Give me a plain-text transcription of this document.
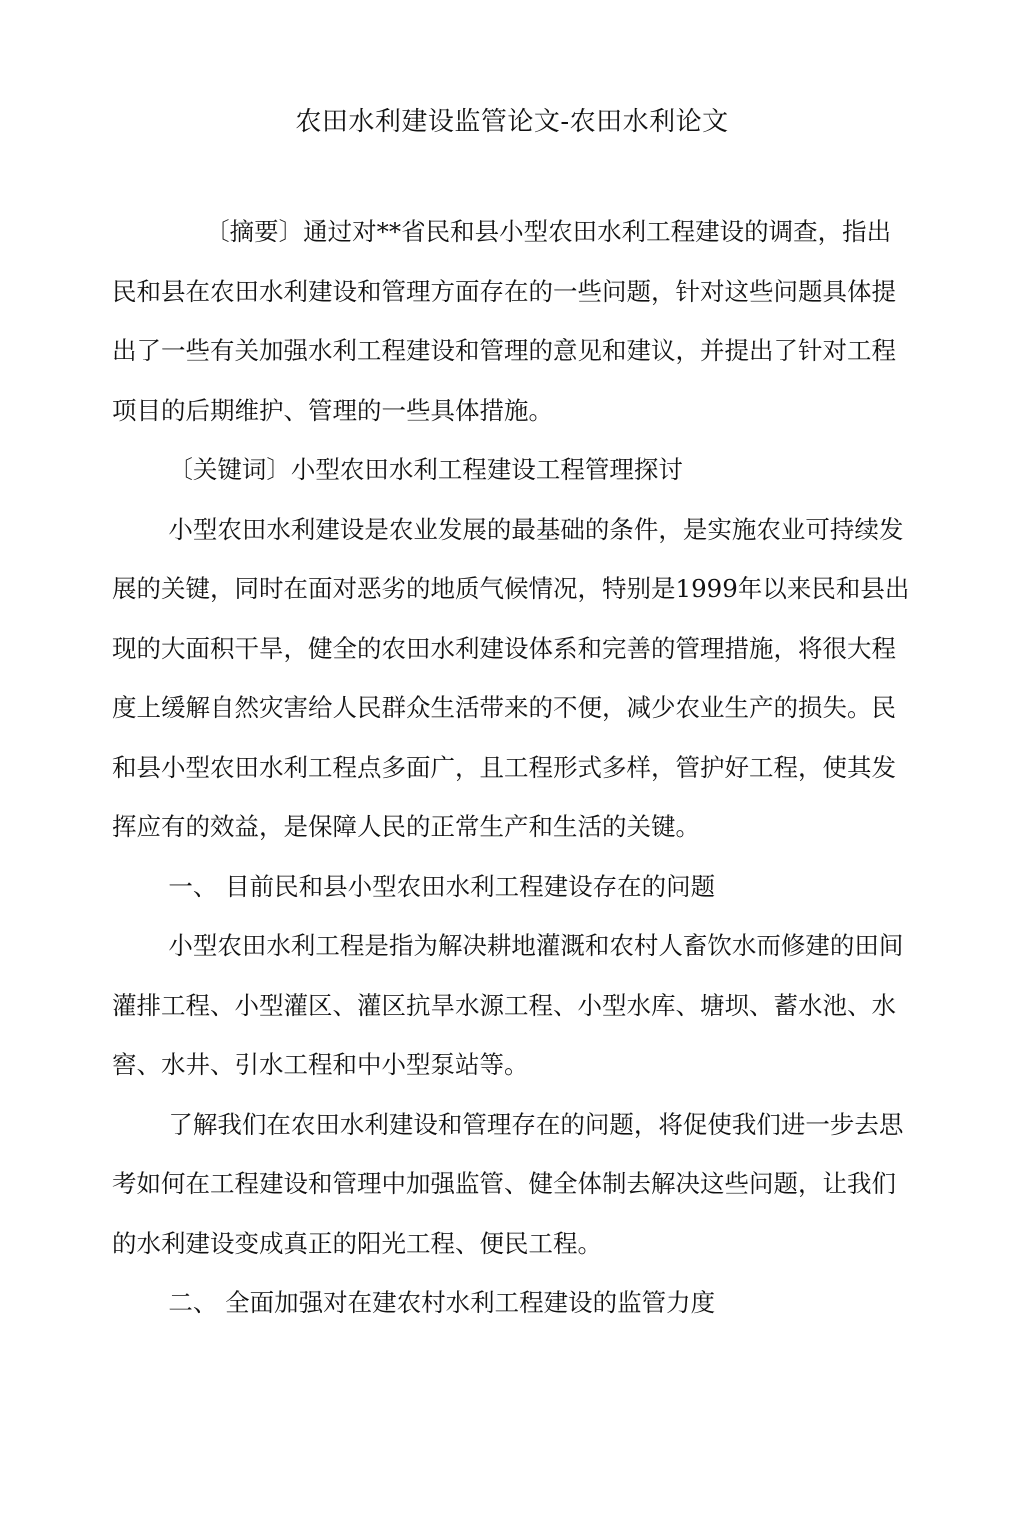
农田水利建设监管论文-农田水利论文

〔摘要〕通过对**省民和县小型农田水利工程建设的调查，指出民和县在农田水利建设和管理方面存在的一些问题，针对这些问题具体提出了一些有关加强水利工程建设和管理的意见和建议，并提出了针对工程项目的后期维护、管理的一些具体措施。

〔关键词〕小型农田水利工程建设工程管理探讨

小型农田水利建设是农业发展的最基础的条件，是实施农业可持续发展的关键，同时在面对恶劣的地质气候情况，特别是1999年以来民和县出现的大面积干旱，健全的农田水利建设体系和完善的管理措施，将很大程度上缓解自然灾害给人民群众生活带来的不便，减少农业生产的损失。民和县小型农田水利工程点多面广，且工程形式多样，管护好工程，使其发挥应有的效益，是保障人民的正常生产和生活的关键。

一、 目前民和县小型农田水利工程建设存在的问题

小型农田水利工程是指为解决耕地灌溉和农村人畜饮水而修建的田间灌排工程、小型灌区、灌区抗旱水源工程、小型水库、塘坝、蓄水池、水窖、水井、引水工程和中小型泵站等。

了解我们在农田水利建设和管理存在的问题，将促使我们进一步去思考如何在工程建设和管理中加强监管、健全体制去解决这些问题，让我们的水利建设变成真正的阳光工程、便民工程。

二、 全面加强对在建农村水利工程建设的监管力度
